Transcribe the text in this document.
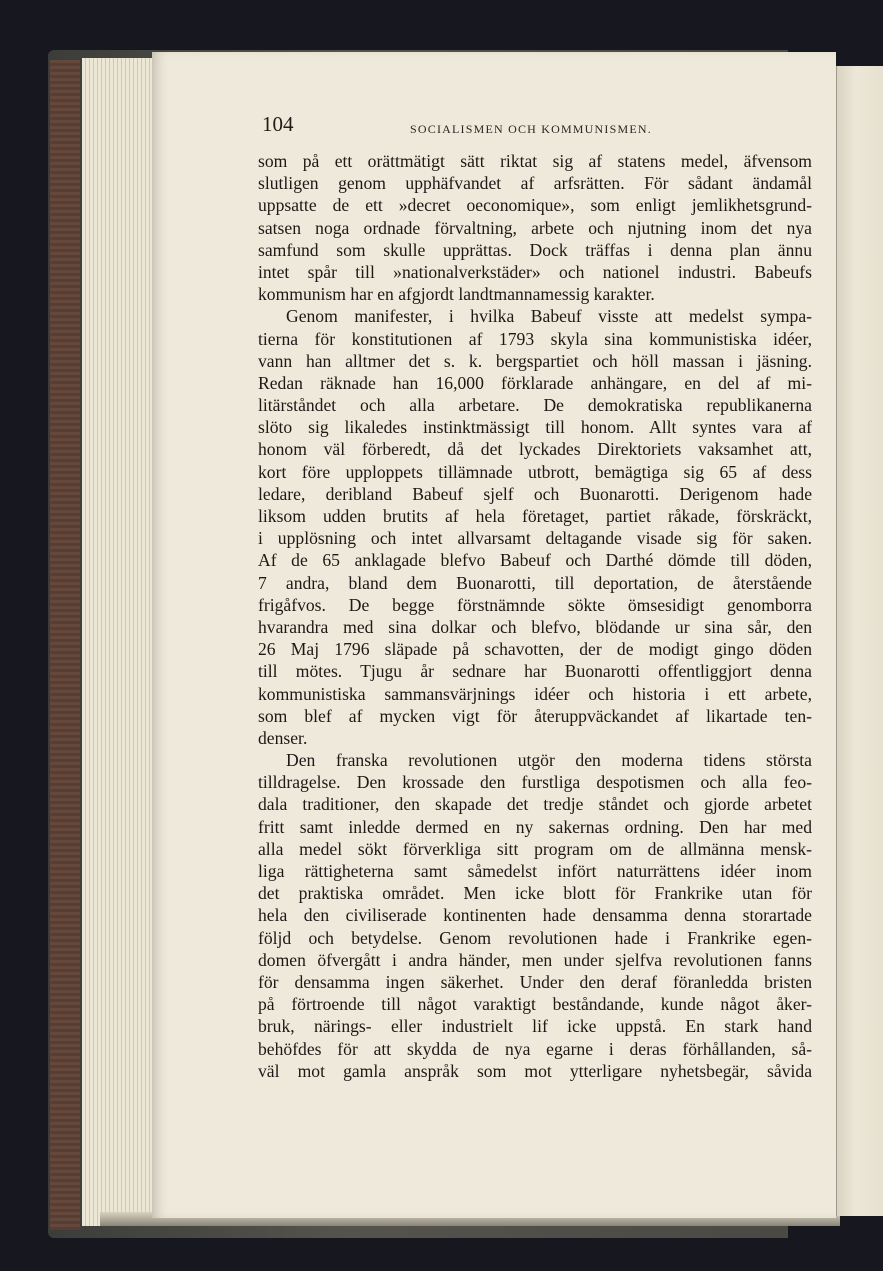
104	SOCIALISMEN OCH KOMMUNISMEN.
som på ett orättmätigt sätt riktat sig af statens medel, äfvensom
slutligen genom upphäfvandet af arfsrätten. För sådant ändamål
uppsatte de ett »decret oeconomique», som enligt jemlikhetsgrund-
satsen noga ordnade förvaltning, arbete och njutning inom det nya
samfund som skulle upprättas. Dock träffas i denna plan ännu
intet spår till »nationalverkstäder» och nationel industri. Babeufs
kommunism har en afgjordt landtmannamessig karakter.
Genom manifester, i hvilka Babeuf visste att medelst sympa-
tierna för konstitutionen af 1793 skyla sina kommunistiska idéer,
vann han alltmer det s. k. bergspartiet och höll massan i jäsning.
Redan räknade han 16,000 förklarade anhängare, en del af mi-
litärståndet och alla arbetare. De demokratiska republikanerna
slöto sig likaledes instinktmässigt till honom. Allt syntes vara af
honom väl förberedt, då det lyckades Direktoriets vaksamhet att,
kort före upploppets tillämnade utbrott, bemägtiga sig 65 af dess
ledare, deribland Babeuf sjelf och Buonarotti. Derigenom hade
liksom udden brutits af hela företaget, partiet råkade, förskräckt,
i upplösning och intet allvarsamt deltagande visade sig för saken.
Af de 65 anklagade blefvo Babeuf och Darthé dömde till döden,
7 andra, bland dem Buonarotti, till deportation, de återstående
frigåfvos. De begge förstnämnde sökte ömsesidigt genomborra
hvarandra med sina dolkar och blefvo, blödande ur sina sår, den
26 Maj 1796 släpade på schavotten, der de modigt gingo döden
till mötes. Tjugu år sednare har Buonarotti offentliggjort denna
kommunistiska sammansvärjnings idéer och historia i ett arbete,
som blef af mycken vigt för återuppväckandet af likartade ten-
denser.
Den franska revolutionen utgör den moderna tidens största
tilldragelse. Den krossade den furstliga despotismen och alla feo-
dala traditioner, den skapade det tredje ståndet och gjorde arbetet
fritt samt inledde dermed en ny sakernas ordning. Den har med
alla medel sökt förverkliga sitt program om de allmänna mensk-
liga rättigheterna samt såmedelst infört naturrättens idéer inom
det praktiska området. Men icke blott för Frankrike utan för
hela den civiliserade kontinenten hade densamma denna storartade
följd och betydelse. Genom revolutionen hade i Frankrike egen-
domen öfvergått i andra händer, men under sjelfva revolutionen fanns
för densamma ingen säkerhet. Under den deraf föranledda bristen
på förtroende till något varaktigt beståndande, kunde något åker-
bruk, närings- eller industrielt lif icke uppstå. En stark hand
behöfdes för att skydda de nya egarne i deras förhållanden, så-
väl mot gamla anspråk som mot ytterligare nyhetsbegär, såvida
